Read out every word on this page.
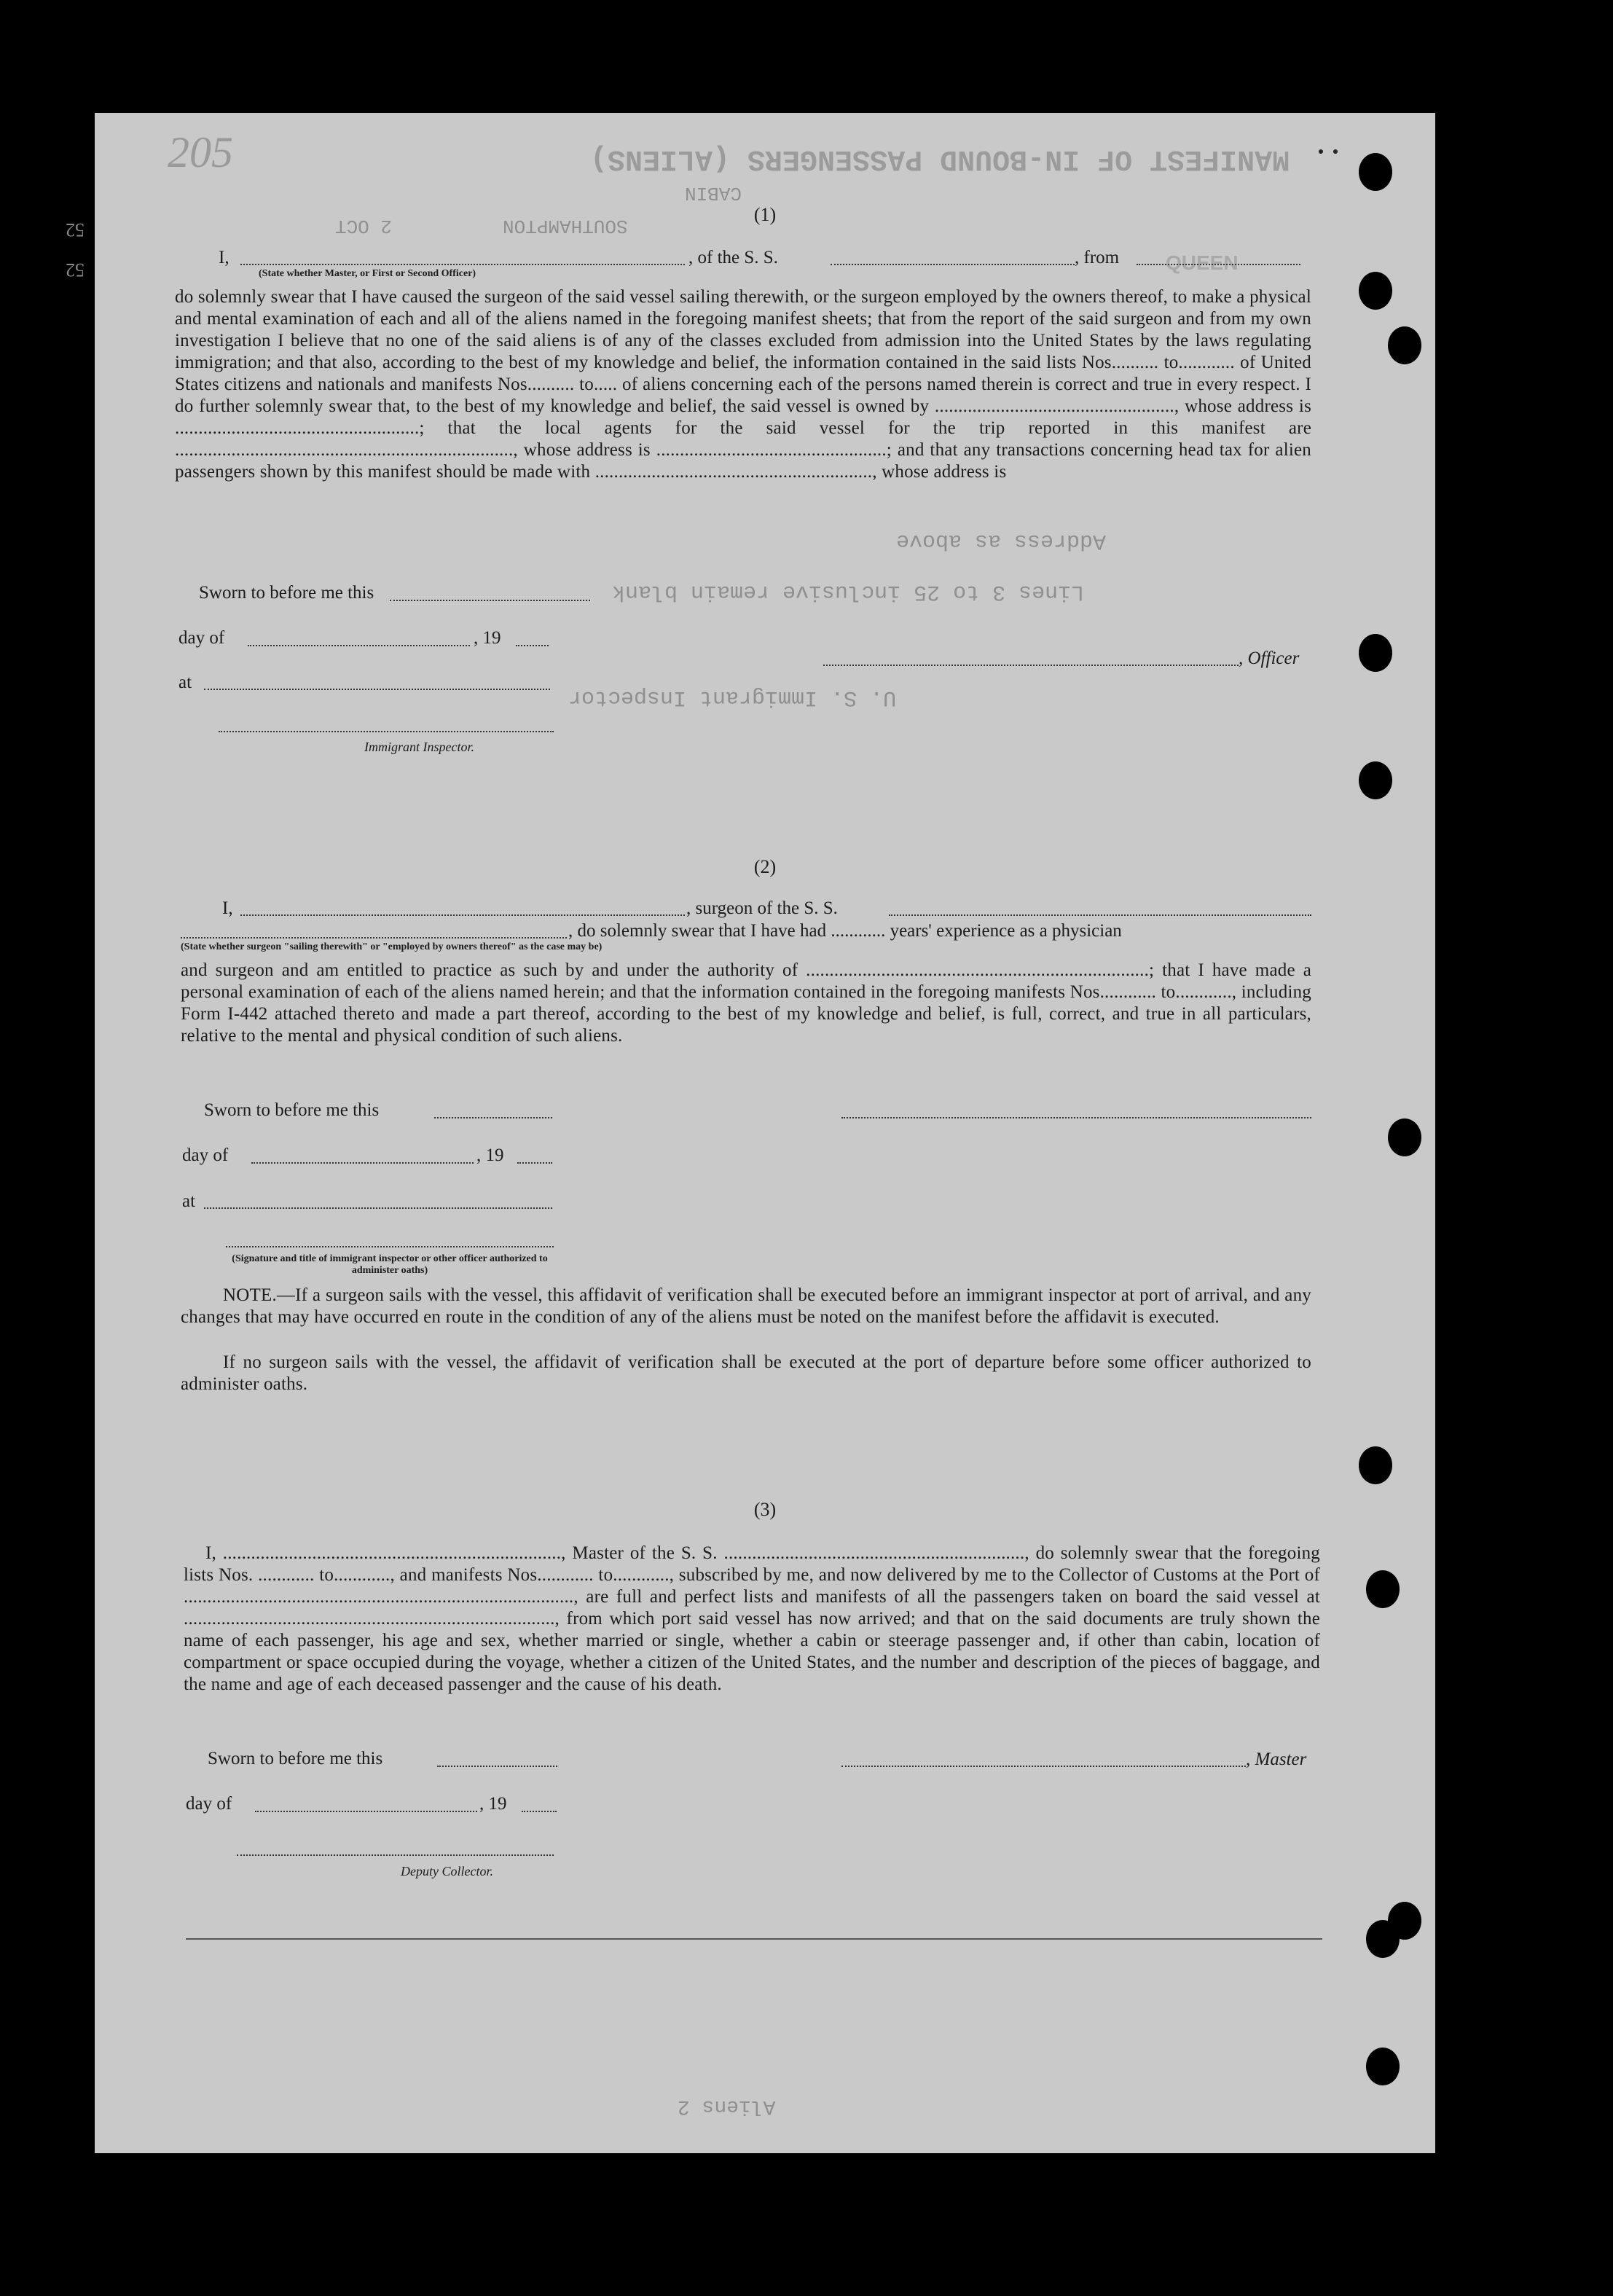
205	MANIFEST OF IN-BOUND PASSENGERS (ALIENS)
CABIN
SOUTHAMPTON
2 OCT
52
52	QUEEN
Address as above
Lines 3 to 25 inclusive remain blank
U. S. Immigrant Inspector
Aliens 2
(1)
I,	, of the S. S.	, from
(State whether Master, or First or Second Officer)
do solemnly swear that I have caused the surgeon of the said vessel sailing therewith, or the surgeon employed by the owners thereof, to make a physical and mental examination of each and all of the aliens named in the foregoing manifest sheets; that from the report of the said surgeon and from my own investigation I believe that no one of the said aliens is of any of the classes excluded from admission into the United States by the laws regulating immigration; and that also, according to the best of my knowledge and belief, the information contained in the said lists Nos.......... to............ of United States citizens and nationals and manifests Nos.......... to..... of aliens concerning each of the persons named therein is correct and true in every respect. I do further solemnly swear that, to the best of my knowledge and belief, the said vessel is owned by ..................................................., whose address is ....................................................; that the local agents for the said vessel for the trip reported in this manifest are ........................................................................, whose address is .................................................; and that any transactions concerning head tax for alien passengers shown by this manifest should be made with ..........................................................., whose address is
Sworn to before me this
day of	, 19
at
, Officer
Immigrant Inspector.
(2)
I,	, surgeon of the S. S.
, do solemnly swear that I have had ............ years' experience as a physician
(State whether surgeon "sailing therewith" or "employed by owners thereof" as the case may be)
and surgeon and am entitled to practice as such by and under the authority of .........................................................................; that I have made a personal examination of each of the aliens named herein; and that the information contained in the foregoing manifests Nos............ to............, including Form I-442 attached thereto and made a part thereof, according to the best of my knowledge and belief, is full, correct, and true in all particulars, relative to the mental and physical condition of such aliens.
Sworn to before me this
day of	, 19
at
(Signature and title of immigrant inspector or other officer authorized to administer oaths)
NOTE.—If a surgeon sails with the vessel, this affidavit of verification shall be executed before an immigrant inspector at port of arrival, and any changes that may have occurred en route in the condition of any of the aliens must be noted on the manifest before the affidavit is executed.
If no surgeon sails with the vessel, the affidavit of verification shall be executed at the port of departure before some officer authorized to administer oaths.
(3)
I, ........................................................................, Master of the S. S. ................................................................, do solemnly swear that the foregoing lists Nos. ............ to............, and manifests Nos............ to............, subscribed by me, and now delivered by me to the Collector of Customs at the Port of ..................................................................................., are full and perfect lists and manifests of all the passengers taken on board the said vessel at ..............................................................................., from which port said vessel has now arrived; and that on the said documents are truly shown the name of each passenger, his age and sex, whether married or single, whether a cabin or steerage passenger and, if other than cabin, location of compartment or space occupied during the voyage, whether a citizen of the United States, and the number and description of the pieces of baggage, and the name and age of each deceased passenger and the cause of his death.
Sworn to before me this	, Master
day of	, 19
Deputy Collector.
